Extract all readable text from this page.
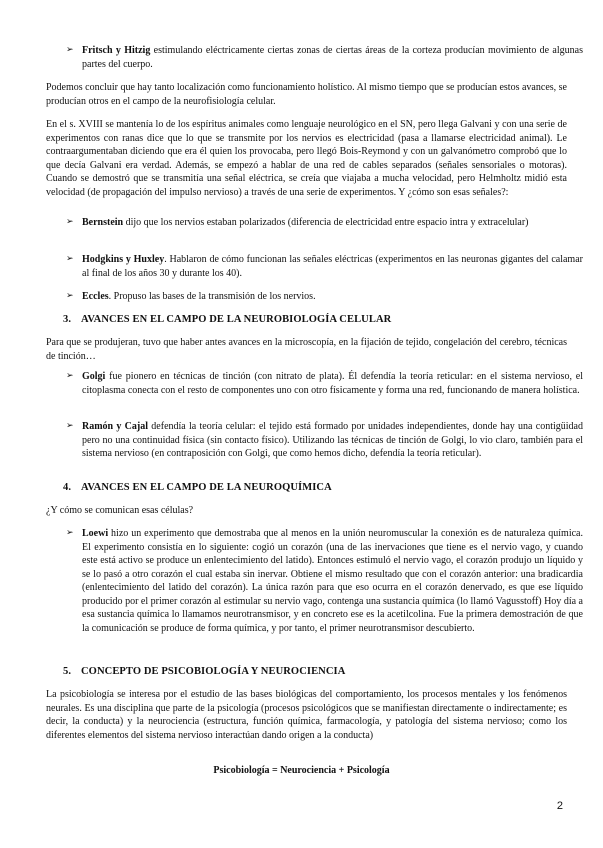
➢ Fritsch y Hitzig estimulando eléctricamente ciertas zonas de ciertas áreas de la corteza producían movimiento de algunas partes del cuerpo.

Podemos concluir que hay tanto localización como funcionamiento holístico. Al mismo tiempo que se producían estos avances, se producían otros en el campo de la neurofisiología celular.

En el s. XVIII se mantenía lo de los espíritus animales como lenguaje neurológico en el SN, pero llega Galvani y con una serie de experimentos con ranas dice que lo que se transmite por los nervios es electricidad (pasa a llamarse electricidad animal). Le contraargumentaban diciendo que era él quien los provocaba, pero llegó Bois-Reymond y con un galvanómetro comprobó que lo que decía Galvani era verdad. Además, se empezó a hablar de una red de cables separados (señales sensoriales o motoras). Cuando se demostró que se transmitía una señal eléctrica, se creía que viajaba a mucha velocidad, pero Helmholtz midió esta velocidad (de propagación del impulso nervioso) a través de una serie de experimentos. Y ¿cómo son esas señales?:

➢ Bernstein dijo que los nervios estaban polarizados (diferencia de electricidad entre espacio intra y extracelular)
➢ Hodgkins y Huxley. Hablaron de cómo funcionan las señales eléctricas (experimentos en las neuronas gigantes del calamar al final de los años 30 y durante los 40).
➢ Eccles. Propuso las bases de la transmisión de los nervios.
3. AVANCES EN EL CAMPO DE LA NEUROBIOLOGÍA CELULAR

Para que se produjeran, tuvo que haber antes avances en la microscopía, en la fijación de tejido, congelación del cerebro, técnicas de tinción…

➢ Golgi fue pionero en técnicas de tinción (con nitrato de plata). Él defendía la teoría reticular: en el sistema nervioso, el citoplasma conecta con el resto de componentes uno con otro físicamente y forma una red, funcionando de manera holística.
➢ Ramón y Cajal defendía la teoría celular: el tejido está formado por unidades independientes, donde hay una contigüidad pero no una continuidad física (sin contacto físico). Utilizando las técnicas de tinción de Golgi, lo vio claro, también para el sistema nervioso (en contraposición con Golgi, que como hemos dicho, defendía la teoría reticular).
4. AVANCES EN EL CAMPO DE LA NEUROQUÍMICA

¿Y cómo se comunican esas células?

➢ Loewi hizo un experimento que demostraba que al menos en la unión neuromuscular la conexión es de naturaleza química. El experimento consistía en lo siguiente: cogió un corazón (una de las inervaciones que tiene es el nervio vago, y cuando este está activo se produce un enlentecimiento del latido). Entonces estimuló el nervio vago, el corazón produjo un líquido y se lo pasó a otro corazón el cual estaba sin inervar. Obtiene el mismo resultado que con el corazón anterior: una bradicardia (enlentecimiento del latido del corazón). La única razón para que eso ocurra en el corazón denervado, es que ese líquido producido por el primer corazón al estimular su nervio vago, contenga una sustancia química (lo llamó Vagusstoff) Hoy día a esa sustancia química lo llamamos neurotransmisor, y en concreto ese es la acetilcolina. Fue la primera demostración de que la comunicación se produce de forma química, y por tanto, el primer neurotransmisor descubierto.
5. CONCEPTO DE PSICOBIOLOGÍA Y NEUROCIENCIA

La psicobiología se interesa por el estudio de las bases biológicas del comportamiento, los procesos mentales y los fenómenos neurales. Es una disciplina que parte de la psicología (procesos psicológicos que se manifiestan directamente o indirectamente; es decir, la conducta) y la neurociencia (estructura, función química, farmacología, y patología del sistema nervioso; como los diferentes elementos del sistema nervioso interactúan dando origen a la conducta)

Psicobiología = Neurociencia + Psicología
2
